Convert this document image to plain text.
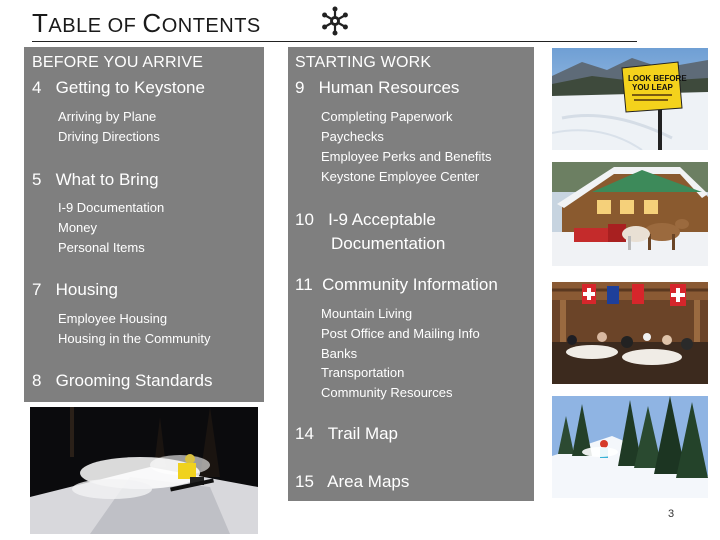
TABLE OF CONTENTS
BEFORE YOU ARRIVE
4 Getting to Keystone
Arriving by Plane
Driving Directions
5 What to Bring
I-9 Documentation
Money
Personal Items
7 Housing
Employee Housing
Housing in the Community
8 Grooming Standards
STARTING WORK
9 Human Resources
Completing Paperwork
Paychecks
Employee Perks and Benefits
Keystone Employee Center
10 I-9 Acceptable
Documentation
11 Community Information
Mountain Living
Post Office and Mailing Info
Banks
Transportation
Community Resources
14 Trail Map
15 Area Maps
LOOK BEFORE
YOU LEAP
3
